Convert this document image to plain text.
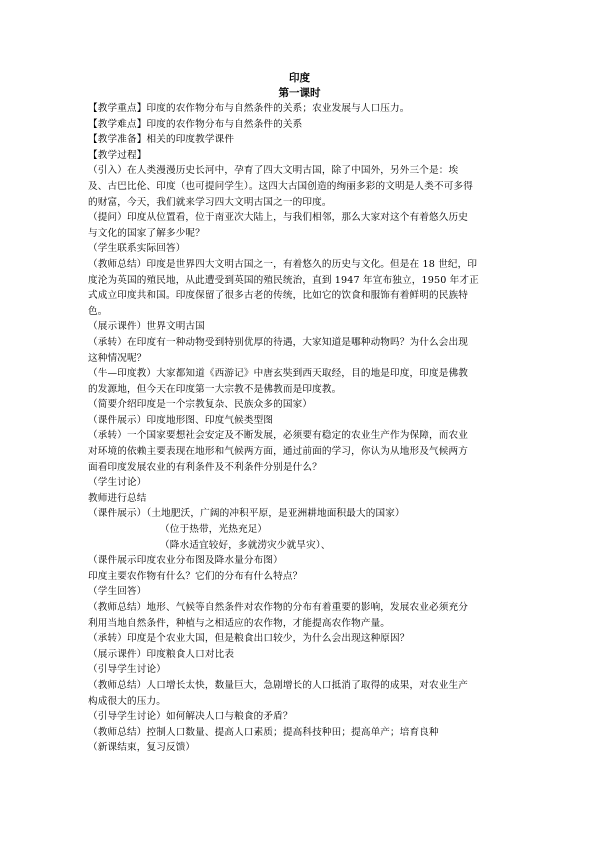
印度
第一课时
【教学重点】印度的农作物分布与自然条件的关系；农业发展与人口压力。
【教学难点】印度的农作物分布与自然条件的关系
【教学准备】相关的印度教学课件
【教学过程】
（引入）在人类漫漫历史长河中，孕育了四大文明古国，除了中国外，另外三个是：埃
及、古巴比伦、印度（也可提问学生）。这四大古国创造的绚丽多彩的文明是人类不可多得
的财富，今天，我们就来学习四大文明古国之一的印度。
（提问）印度从位置看，位于南亚次大陆上，与我们相邻，那么大家对这个有着悠久历史
与文化的国家了解多少呢？
（学生联系实际回答）
（教师总结）印度是世界四大文明古国之一，有着悠久的历史与文化。但是在 18 世纪，印
度沦为英国的殖民地，从此遭受到英国的殖民统治，直到 1947 年宣布独立，1950 年才正
式成立印度共和国。印度保留了很多古老的传统，比如它的饮食和服饰有着鲜明的民族特
色。
（展示课件）世界文明古国
（承转）在印度有一种动物受到特别优厚的待遇，大家知道是哪种动物吗？为什么会出现
这种情况呢？
（牛—印度教）大家都知道《西游记》中唐玄奘到西天取经，目的地是印度，印度是佛教
的发源地，但今天在印度第一大宗教不是佛教而是印度教。
（简要介绍印度是一个宗教复杂、民族众多的国家）
（课件展示）印度地形图、印度气候类型图
（承转）一个国家要想社会安定及不断发展，必须要有稳定的农业生产作为保障，而农业
对环境的依赖主要表现在地形和气候两方面，通过前面的学习，你认为从地形及气候两方
面看印度发展农业的有利条件及不利条件分别是什么？
（学生讨论）
教师进行总结
（课件展示）（土地肥沃，广阔的冲积平原，是亚洲耕地面积最大的国家）
（位于热带，光热充足）
（降水适宜较好，多就涝灾少就旱灾）、
（课件展示印度农业分布图及降水量分布图）
印度主要农作物有什么？它们的分布有什么特点？
（学生回答）
（教师总结）地形、气候等自然条件对农作物的分布有着重要的影响，发展农业必须充分
利用当地自然条件，种植与之相适应的农作物，才能提高农作物产量。
（承转）印度是个农业大国，但是粮食出口较少，为什么会出现这种原因？
（展示课件）印度粮食人口对比表
（引导学生讨论）
（教师总结）人口增长太快，数量巨大，急剧增长的人口抵消了取得的成果，对农业生产
构成很大的压力。
（引导学生讨论）如何解决人口与粮食的矛盾？
（教师总结）控制人口数量、提高人口素质；提高科技种田；提高单产；培育良种
（新课结束，复习反馈）
